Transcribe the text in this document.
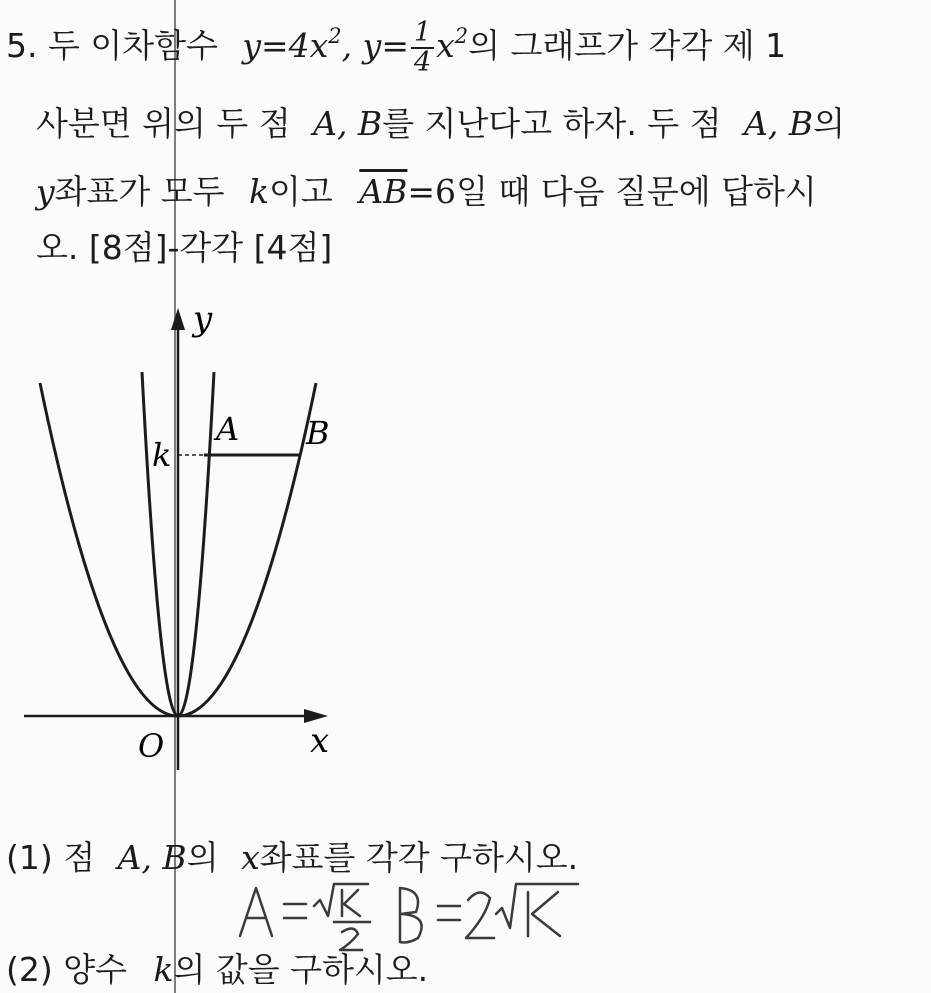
5. 두 이차함수 $y=4x^2$, $y= \frac{1}{4} x^2$의 그래프가 각각 제 1
사분면 위의 두 점 A, B를 지난다고 하자. 두 점 A, B의
y좌표가 모두 k이고 $\overline{AB}=6$일 때 다음 질문에 답하시
오. [8점]-각각 [4점]
y
x
O
k
A B
(1) 점 A, B의 x좌표를 각각 구하시오.
(2) 양수 k의 값을 구하시오.
